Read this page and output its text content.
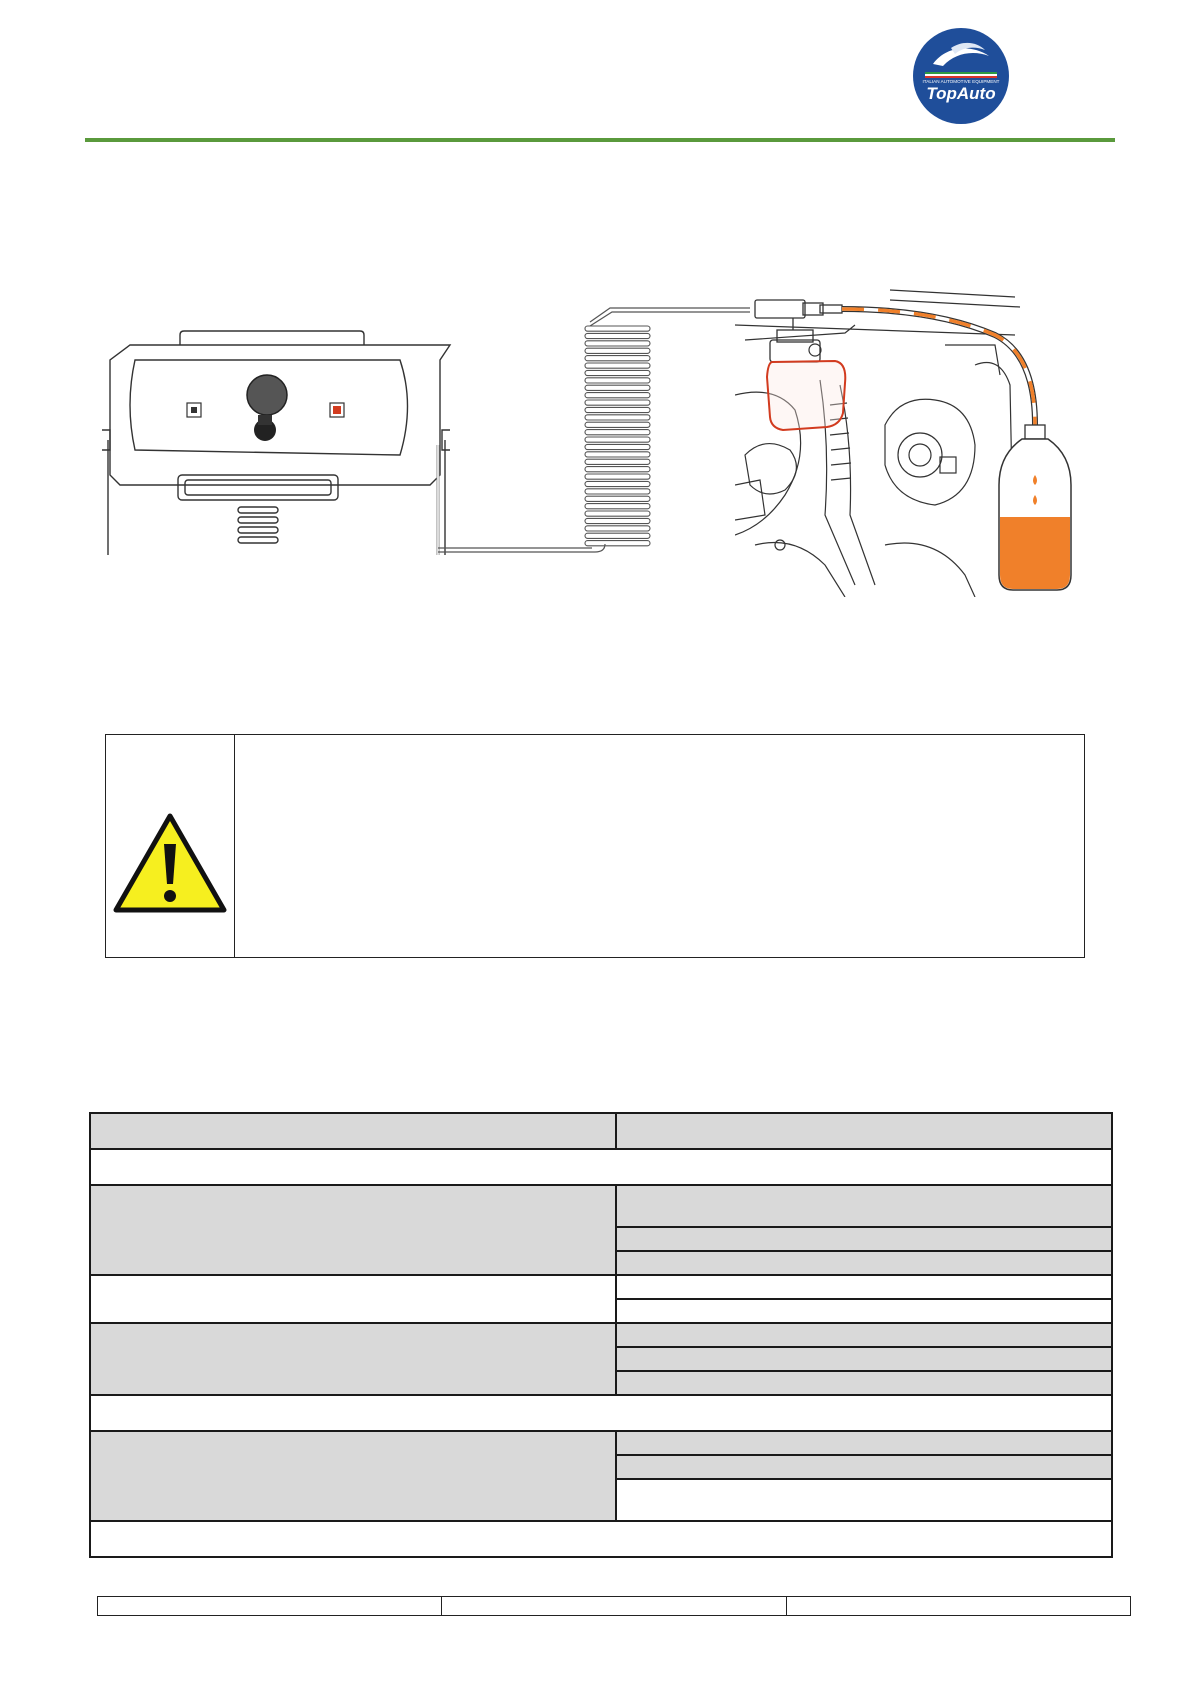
ITALIAN AUTOMOTIVE EQUIPMENT
TopAuto
